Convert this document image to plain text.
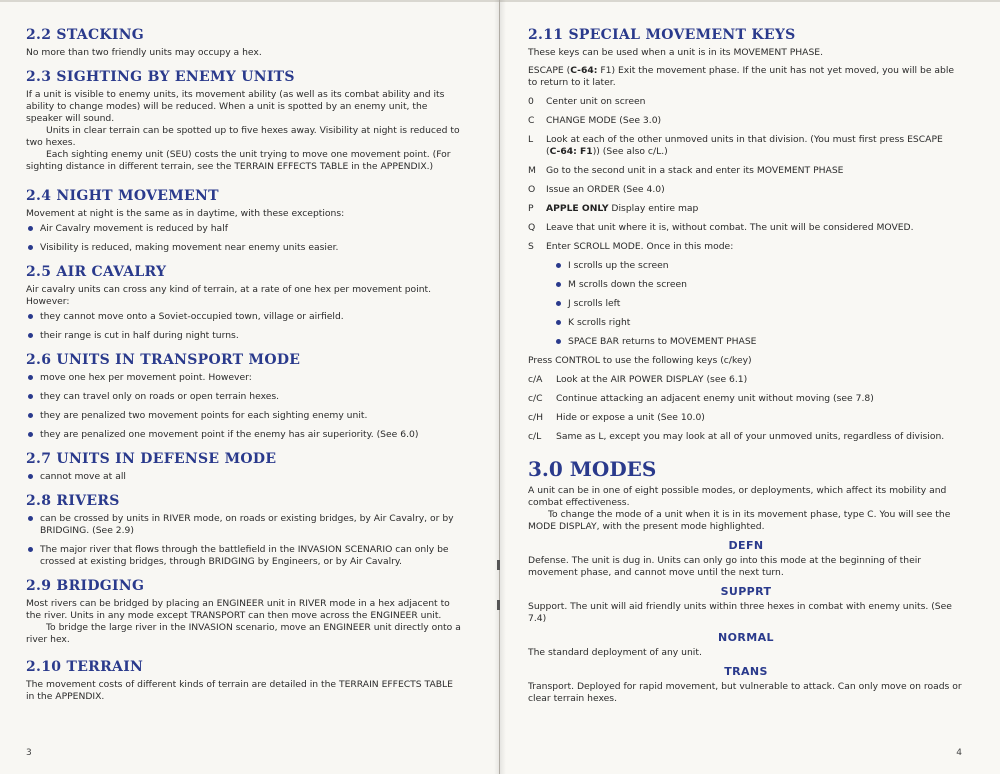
2.2 STACKING

No more than two friendly units may occupy a hex.

2.3 SIGHTING BY ENEMY UNITS

If a unit is visible to enemy units, its movement ability (as well as its combat ability and its ability to change modes) will be reduced. When a unit is spotted by an enemy unit, the speaker will sound.

Units in clear terrain can be spotted up to five hexes away. Visibility at night is reduced to two hexes.

Each sighting enemy unit (SEU) costs the unit trying to move one movement point. (For sighting distance in different terrain, see the TERRAIN EFFECTS TABLE in the APPENDIX.)

2.4 NIGHT MOVEMENT

Movement at night is the same as in daytime, with these exceptions:

Air Cavalry movement is reduced by half
Visibility is reduced, making movement near enemy units easier.
2.5 AIR CAVALRY

Air cavalry units can cross any kind of terrain, at a rate of one hex per movement point. However:

they cannot move onto a Soviet-occupied town, village or airfield.
their range is cut in half during night turns.
2.6 UNITS IN TRANSPORT MODE
move one hex per movement point. However:
they can travel only on roads or open terrain hexes.
they are penalized two movement points for each sighting enemy unit.
they are penalized one movement point if the enemy has air superiority. (See 6.0)
2.7 UNITS IN DEFENSE MODE
cannot move at all
2.8 RIVERS
can be crossed by units in RIVER mode, on roads or existing bridges, by Air Cavalry, or by BRIDGING. (See 2.9)
The major river that flows through the battlefield in the INVASION SCENARIO can only be crossed at existing bridges, through BRIDGING by Engineers, or by Air Cavalry.
2.9 BRIDGING

Most rivers can be bridged by placing an ENGINEER unit in RIVER mode in a hex adjacent to the river. Units in any mode except TRANSPORT can then move across the ENGINEER unit.

To bridge the large river in the INVASION scenario, move an ENGINEER unit directly onto a river hex.

2.10 TERRAIN

The movement costs of different kinds of terrain are detailed in the TERRAIN EFFECTS TABLE in the APPENDIX.

3
2.11 SPECIAL MOVEMENT KEYS

These keys can be used when a unit is in its MOVEMENT PHASE.

ESCAPE (C-64: F1) Exit the movement phase. If the unit has not yet moved, you will be able to return to it later.

0	Center unit on screen
C	CHANGE MODE (See 3.0)
L	Look at each of the other unmoved units in that division. (You must first press ESCAPE
(C-64: F1)) (See also c/L.)
M	Go to the second unit in a stack and enter its MOVEMENT PHASE
O	Issue an ORDER (See 4.0)
P	APPLE ONLY Display entire map
Q	Leave that unit where it is, without combat. The unit will be considered MOVED.
S	Enter SCROLL MODE. Once in this mode:
I scrolls up the screen
M scrolls down the screen
J scrolls left
K scrolls right
SPACE BAR returns to MOVEMENT PHASE

Press CONTROL to use the following keys (c/key)

c/A	Look at the AIR POWER DISPLAY (see 6.1)
c/C	Continue attacking an adjacent enemy unit without moving (see 7.8)
c/H	Hide or expose a unit (See 10.0)
c/L	Same as L, except you may look at all of your unmoved units, regardless of division.
3.0 MODES

A unit can be in one of eight possible modes, or deployments, which affect its mobility and combat effectiveness.

To change the mode of a unit when it is in its movement phase, type C. You will see the MODE DISPLAY, with the present mode highlighted.

DEFN

Defense. The unit is dug in. Units can only go into this mode at the beginning of their movement phase, and cannot move until the next turn.

SUPPRT

Support. The unit will aid friendly units within three hexes in combat with enemy units. (See 7.4)

NORMAL

The standard deployment of any unit.

TRANS

Transport. Deployed for rapid movement, but vulnerable to attack. Can only move on roads or clear terrain hexes.

4
